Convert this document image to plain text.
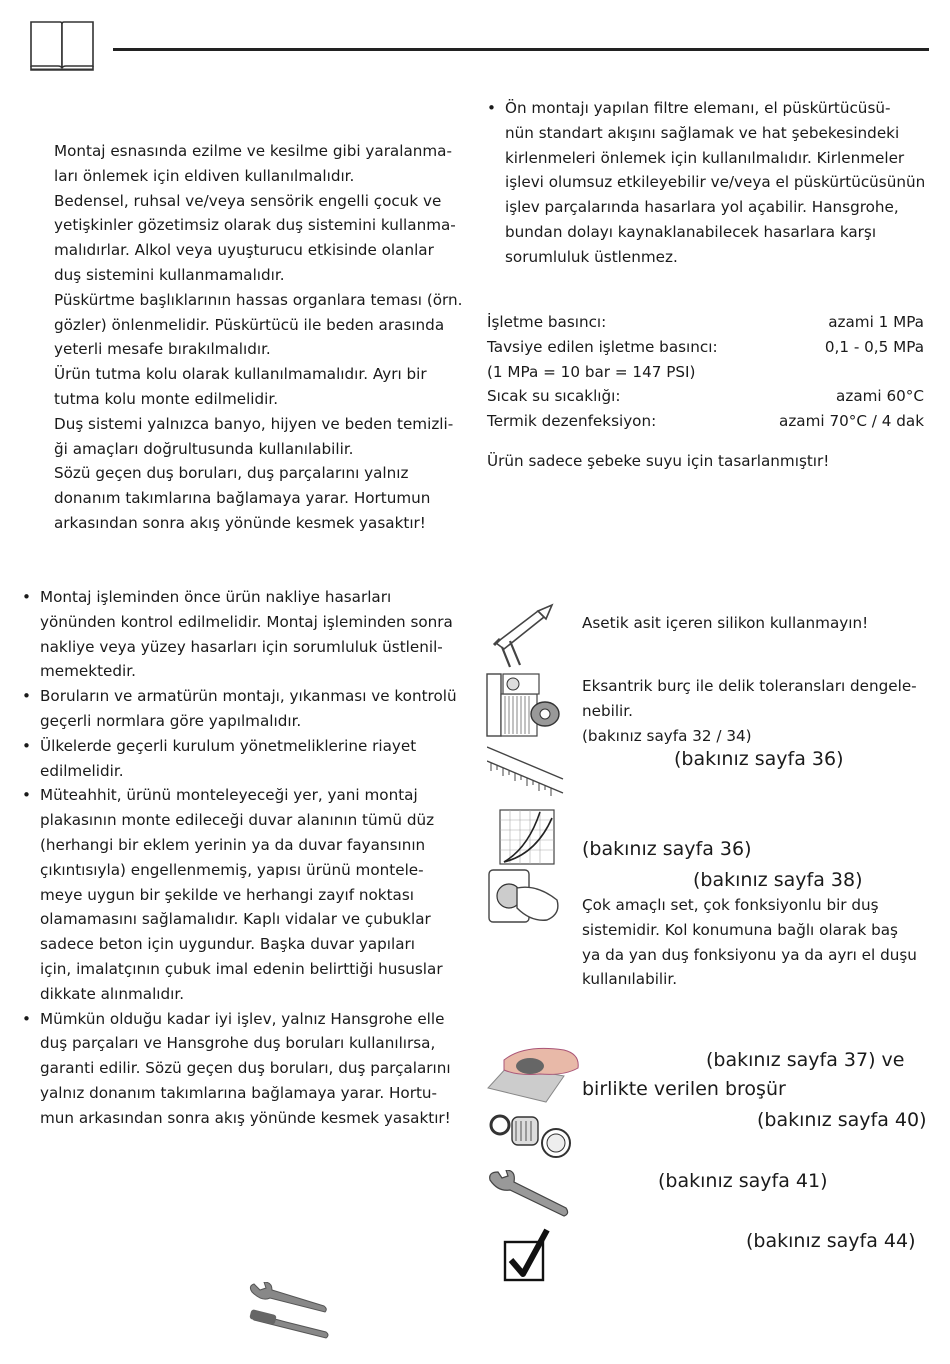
Montaj esnasında ezilme ve kesilme gibi yaralanma-
ları önlemek için eldiven kullanılmalıdır.

Bedensel, ruhsal ve/veya sensörik engelli çocuk ve
yetişkinler gözetimsiz olarak duş sistemini kullanma-
malıdırlar. Alkol veya uyuşturucu etkisinde olanlar
duş sistemini kullanmamalıdır.

Püskürtme başlıklarının hassas organlara teması (örn.
gözler) önlenmelidir. Püskürtücü ile beden arasında
yeterli mesafe bırakılmalıdır.

Ürün tutma kolu olarak kullanılmamalıdır. Ayrı bir
tutma kolu monte edilmelidir.

Duş sistemi yalnızca banyo, hijyen ve beden temizli-
ği amaçları doğrultusunda kullanılabilir.

Sözü geçen duş boruları, duş parçalarını yalnız
donanım takımlarına bağlamaya yarar. Hortumun
arkasından sonra akış yönünde kesmek yasaktır!

• Montaj işleminden önce ürün nakliye hasarları
yönünden kontrol edilmelidir. Montaj işleminden sonra
nakliye veya yüzey hasarları için sorumluluk üstlenil-
memektedir.
• Boruların ve armatürün montajı, yıkanması ve kontrolü
geçerli normlara göre yapılmalıdır.
• Ülkelerde geçerli kurulum yönetmeliklerine riayet
edilmelidir.
• Müteahhit, ürünü monteleyeceği yer, yani montaj
plakasının monte edileceği duvar alanının tümü düz
(herhangi bir eklem yerinin ya da duvar fayansının
çıkıntısıyla) engellenmemiş, yapısı ürünü montele-
meye uygun bir şekilde ve herhangi zayıf noktası
olamamasını sağlamalıdır. Kaplı vidalar ve çubuklar
sadece beton için uygundur. Başka duvar yapıları
için, imalatçının çubuk imal edenin belirttiği hususlar
dikkate alınmalıdır.
• Mümkün olduğu kadar iyi işlev, yalnız Hansgrohe elle
duş parçaları ve Hansgrohe duş boruları kullanılırsa,
garanti edilir. Sözü geçen duş boruları, duş parçalarını
yalnız donanım takımlarına bağlamaya yarar. Hortu-
mun arkasından sonra akış yönünde kesmek yasaktır!
• Ön montajı yapılan filtre elemanı, el püskürtücüsü-
nün standart akışını sağlamak ve hat şebekesindeki
kirlenmeleri önlemek için kullanılmalıdır. Kirlenmeler
işlevi olumsuz etkileyebilir ve/veya el püskürtücüsünün
işlev parçalarında hasarlara yol açabilir. Hansgrohe,
bundan dolayı kaynaklanabilecek hasarlara karşı
sorumluluk üstlenmez.
İşletme basıncı:	azami 1 MPa
Tavsiye edilen işletme basıncı:	0,1 - 0,5 MPa
(1 MPa = 10 bar = 147 PSI)
Sıcak su sıcaklığı:	azami 60°C
Termik dezenfeksiyon:	azami 70°C / 4 dak
Ürün sadece şebeke suyu için tasarlanmıştır!
Asetik asit içeren silikon kullanmayın!
Eksantrik burç ile delik toleransları dengele-
nebilir.
(bakınız sayfa 32 / 34)
(bakınız sayfa 36)
(bakınız sayfa 36)
(bakınız sayfa 38)
Çok amaçlı set, çok fonksiyonlu bir duş
sistemidir. Kol konumuna bağlı olarak baş
ya da yan duş fonksiyonu ya da ayrı el duşu
kullanılabilir.
(bakınız sayfa 37) ve
birlikte verilen broşür
(bakınız sayfa 40)
(bakınız sayfa 41)
(bakınız sayfa 44)
